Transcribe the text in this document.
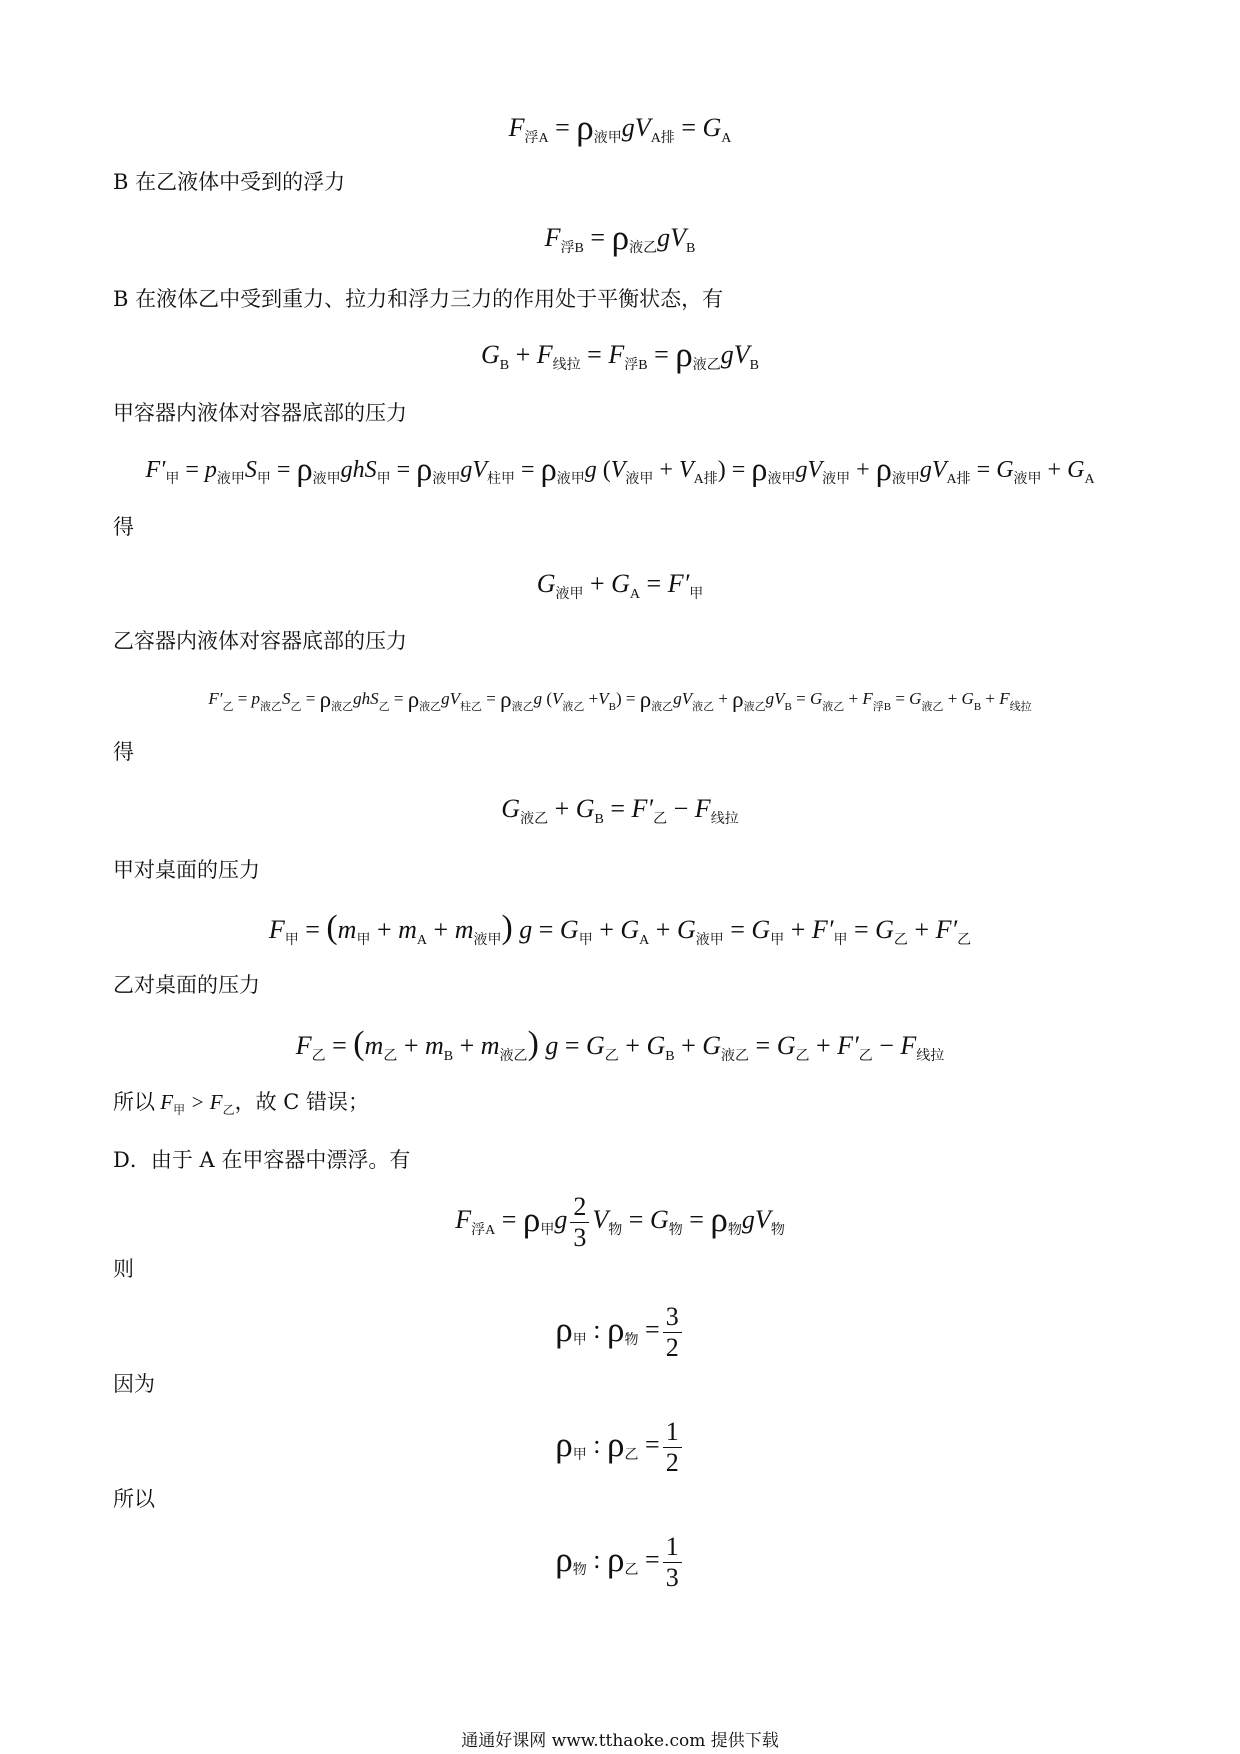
$F_{浮A} = \rho_{液甲}gV_{A排} = G_A$
B 在乙液体中受到的浮力
$F_{浮B} = \rho_{液乙}gV_B$
B 在液体乙中受到重力、拉力和浮力三力的作用处于平衡状态，有
$G_B + F_{线拉} = F_{浮B} = \rho_{液乙}gV_B$
甲容器内液体对容器底部的压力
$F'_甲 = p_{液甲}S_甲 = \rho_{液甲}ghS_甲 = \rho_{液甲}gV_{柱甲} = \rho_{液甲}g$ $(V_{液甲} + V_{A排}) = \rho_{液甲}gV_{液甲} + \rho_{液甲}gV_{A排} = G_{液甲} + G_A$
得
$G_{液甲} + G_A = F'_甲$
乙容器内液体对容器底部的压力
$F'_乙 = p_{液乙}S_乙 = \rho_{液乙}ghS_乙 = \rho_{液乙}gV_{柱乙} = \rho_{液乙}g$ $(V_{液乙} +V_B) = \rho_{液乙}gV_{液乙} + \rho_{液乙}gV_B = G_{液乙} + F_{浮B} = G_{液乙} + G_B + F_{线拉}$
得
$G_{液乙} + G_B = F'_乙 - F_{线拉}$
甲对桌面的压力
$F_甲 = (m_甲 + m_A + m_{液甲}) g = G_甲 + G_A + G_{液甲} = G_甲 + F'_甲 = G_乙 + F'_乙$
乙对桌面的压力
$F_乙 = (m_乙 + m_B + m_{液乙}) g = G_乙 + G_B + G_{液乙} = G_乙 + F'_乙 - F_{线拉}$
所以 $F_甲 > F_乙$，故 C 错误；
D．由于 A 在甲容器中漂浮。有
$F_{浮A} = \rho_甲g \frac{2}{3} V_物 = G_物 = \rho_物gV_物$
则
$\rho_甲$ : $\rho_物 = \frac{3}{2}$
因为
$\rho_甲$ : $\rho_乙 = \frac{1}{2}$
所以
$\rho_物$ : $\rho_乙 = \frac{1}{3}$
通通好课网 www.tthaoke.com 提供下载
